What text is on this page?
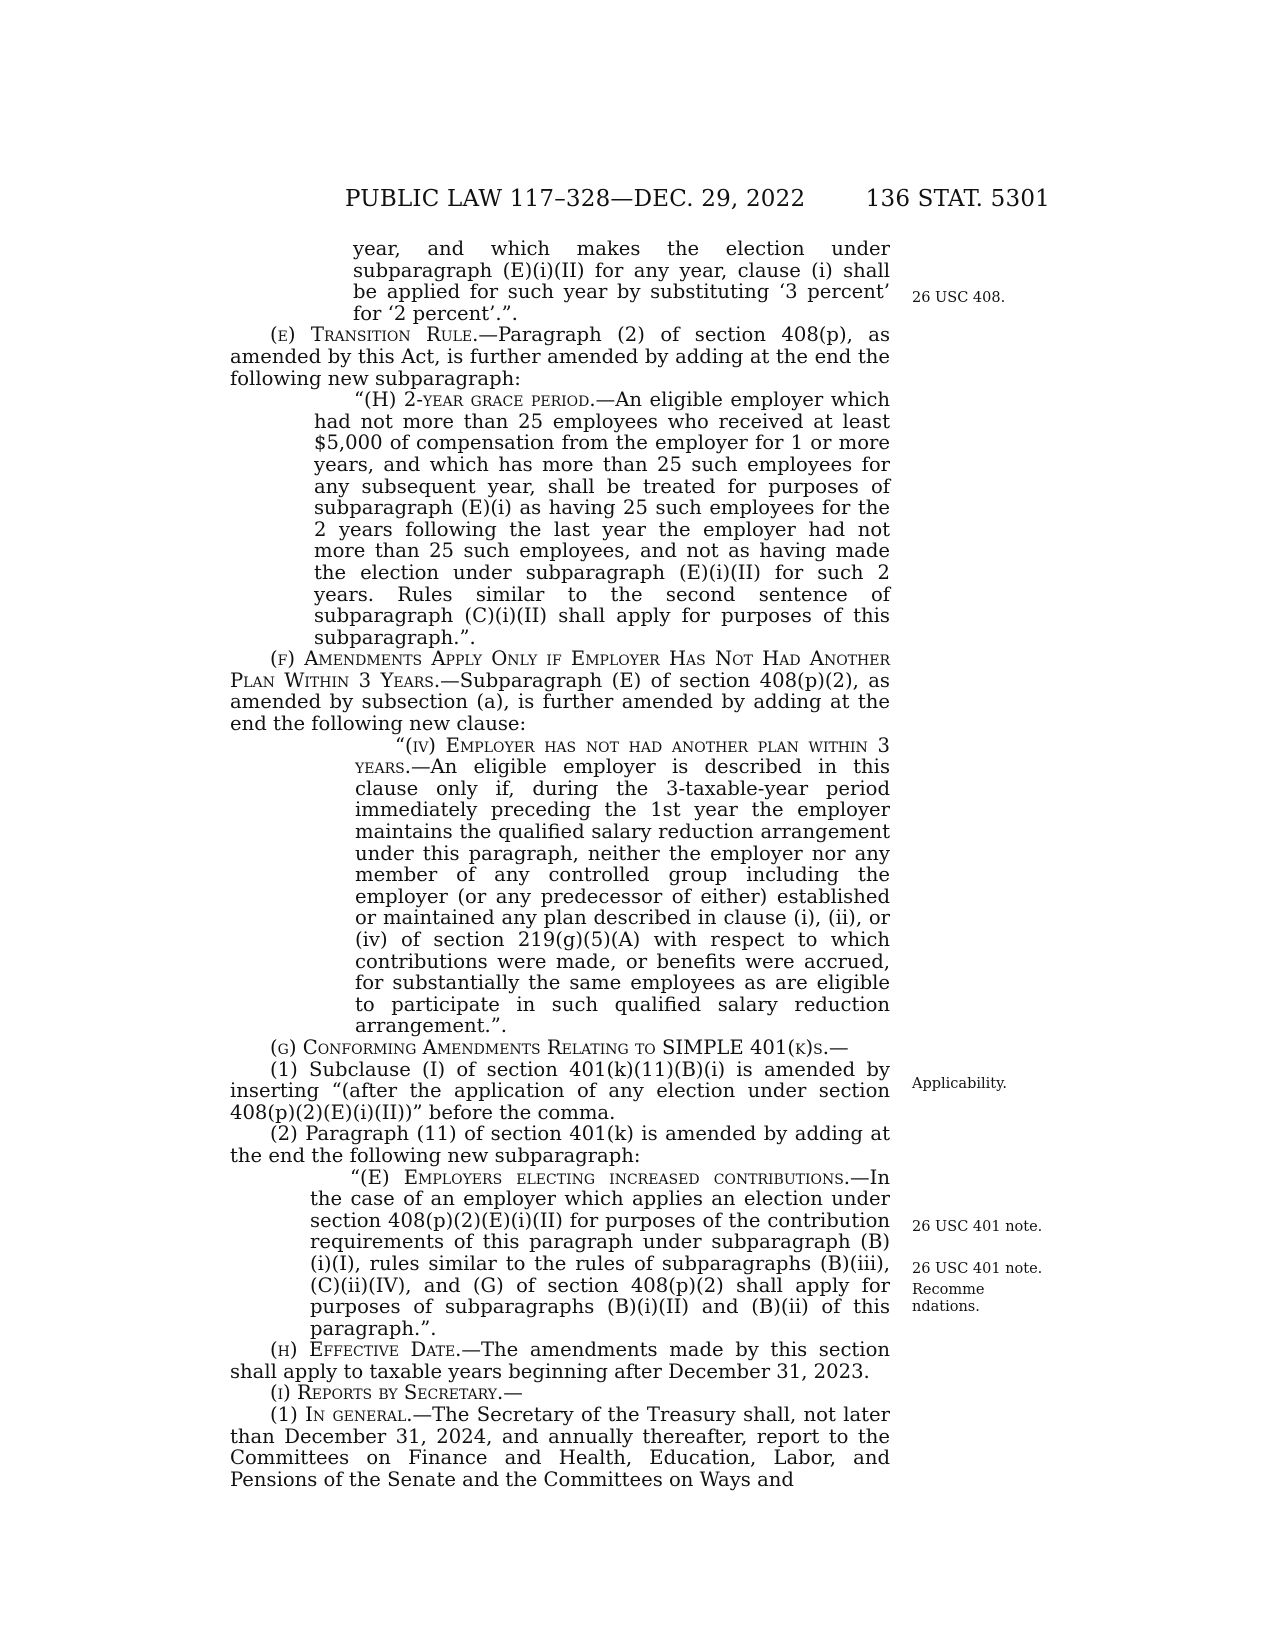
PUBLIC LAW 117–328—DEC. 29, 2022	136 STAT. 5301

year, and which makes the election under subparagraph (E)(i)(II) for any year, clause (i) shall be applied for such year by substituting ‘3 percent’ for ‘2 percent’.”.

(e) Transition Rule.—Paragraph (2) of section 408(p), as amended by this Act, is further amended by adding at the end the following new subparagraph:

“(H) 2-year grace period.—An eligible employer which had not more than 25 employees who received at least $5,000 of compensation from the employer for 1 or more years, and which has more than 25 such employees for any subsequent year, shall be treated for purposes of subparagraph (E)(i) as having 25 such employees for the 2 years following the last year the employer had not more than 25 such employees, and not as having made the election under subparagraph (E)(i)(II) for such 2 years. Rules similar to the second sentence of subparagraph (C)(i)(II) shall apply for purposes of this subparagraph.”.

(f) Amendments Apply Only if Employer Has Not Had Another Plan Within 3 Years.—Subparagraph (E) of section 408(p)(2), as amended by subsection (a), is further amended by adding at the end the following new clause:

“(iv) Employer has not had another plan within 3 years.—An eligible employer is described in this clause only if, during the 3-taxable-year period immediately preceding the 1st year the employer maintains the qualified salary reduction arrangement under this paragraph, neither the employer nor any member of any controlled group including the employer (or any predecessor of either) established or maintained any plan described in clause (i), (ii), or (iv) of section 219(g)(5)(A) with respect to which contributions were made, or benefits were accrued, for substantially the same employees as are eligible to participate in such qualified salary reduction arrangement.”.

(g) Conforming Amendments Relating to SIMPLE 401(k)s.—

(1) Subclause (I) of section 401(k)(11)(B)(i) is amended by inserting “(after the application of any election under section 408(p)(2)(E)(i)(II))” before the comma.

(2) Paragraph (11) of section 401(k) is amended by adding at the end the following new subparagraph:

“(E) Employers electing increased contributions.—In the case of an employer which applies an election under section 408(p)(2)(E)(i)(II) for purposes of the contribution requirements of this paragraph under subparagraph (B)(i)(I), rules similar to the rules of subparagraphs (B)(iii), (C)(ii)(IV), and (G) of section 408(p)(2) shall apply for purposes of subparagraphs (B)(i)(II) and (B)(ii) of this paragraph.”.

(h) Effective Date.—The amendments made by this section shall apply to taxable years beginning after December 31, 2023.

(i) Reports by Secretary.—

(1) In general.—The Secretary of the Treasury shall, not later than December 31, 2024, and annually thereafter, report to the Committees on Finance and Health, Education, Labor, and Pensions of the Senate and the Committees on Ways and

26 USC 408.
Applicability.
26 USC 401 note.
26 USC 401 note.
Recommendations.
